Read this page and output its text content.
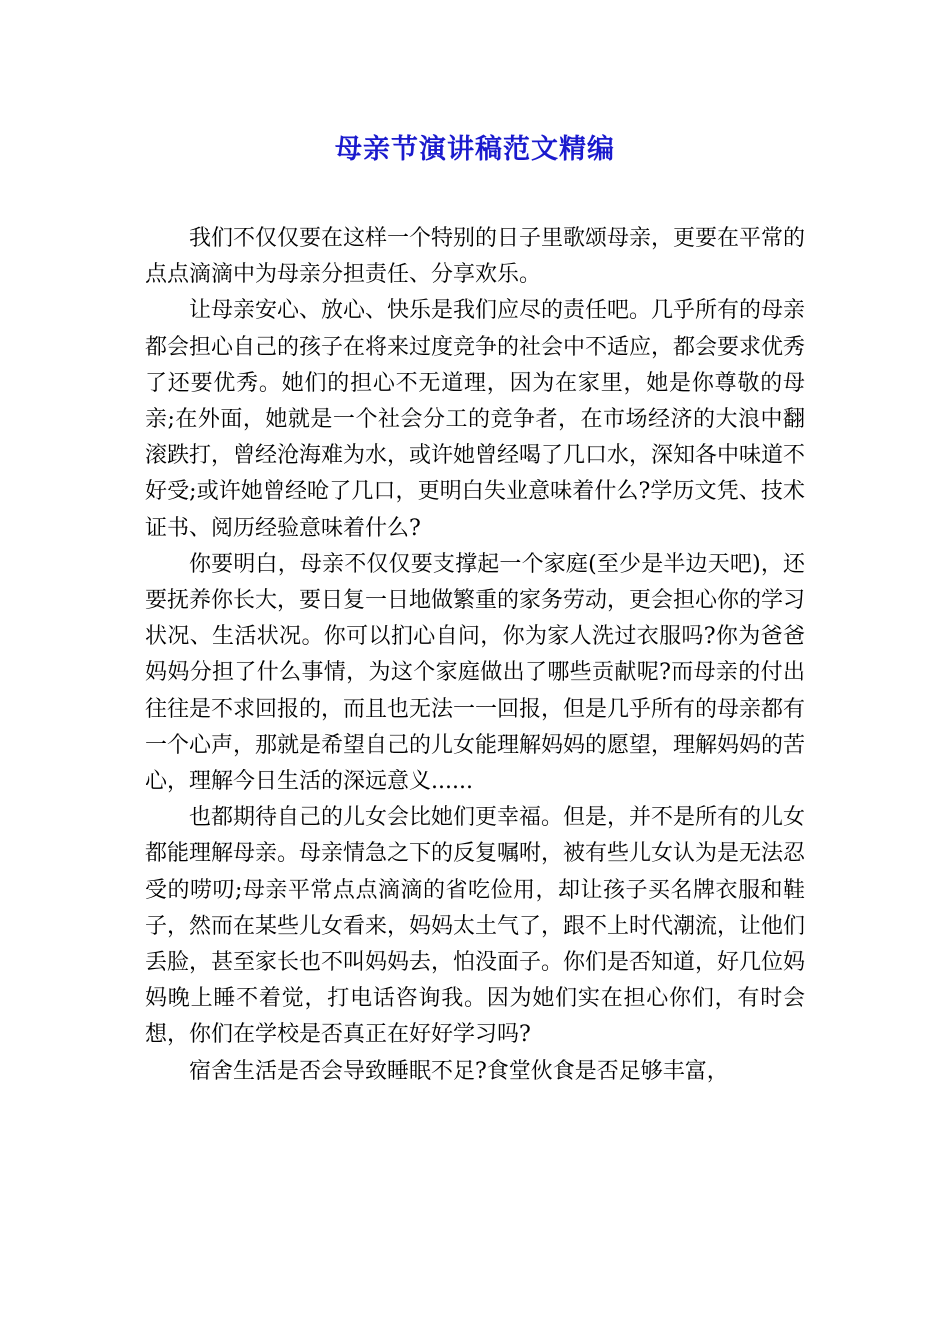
母亲节演讲稿范文精编

我们不仅仅要在这样一个特别的日子里歌颂母亲，更要在平常的点点滴滴中为母亲分担责任、分享欢乐。

让母亲安心、放心、快乐是我们应尽的责任吧。几乎所有的母亲都会担心自己的孩子在将来过度竞争的社会中不适应，都会要求优秀了还要优秀。她们的担心不无道理，因为在家里，她是你尊敬的母亲;在外面，她就是一个社会分工的竞争者，在市场经济的大浪中翻滚跌打，曾经沧海难为水，或许她曾经喝了几口水，深知各中味道不好受;或许她曾经呛了几口，更明白失业意味着什么?学历文凭、技术证书、阅历经验意味着什么?

你要明白，母亲不仅仅要支撑起一个家庭(至少是半边天吧)，还要抚养你长大，要日复一日地做繁重的家务劳动，更会担心你的学习状况、生活状况。你可以扪心自问，你为家人洗过衣服吗?你为爸爸妈妈分担了什么事情，为这个家庭做出了哪些贡献呢?而母亲的付出往往是不求回报的，而且也无法一一回报，但是几乎所有的母亲都有一个心声，那就是希望自己的儿女能理解妈妈的愿望，理解妈妈的苦心，理解今日生活的深远意义......

也都期待自己的儿女会比她们更幸福。但是，并不是所有的儿女都能理解母亲。母亲情急之下的反复嘱咐，被有些儿女认为是无法忍受的唠叨;母亲平常点点滴滴的省吃俭用，却让孩子买名牌衣服和鞋子，然而在某些儿女看来，妈妈太土气了，跟不上时代潮流，让他们丢脸，甚至家长也不叫妈妈去，怕没面子。你们是否知道，好几位妈妈晚上睡不着觉，打电话咨询我。因为她们实在担心你们，有时会想，你们在学校是否真正在好好学习吗?

宿舍生活是否会导致睡眠不足?食堂伙食是否足够丰富，
